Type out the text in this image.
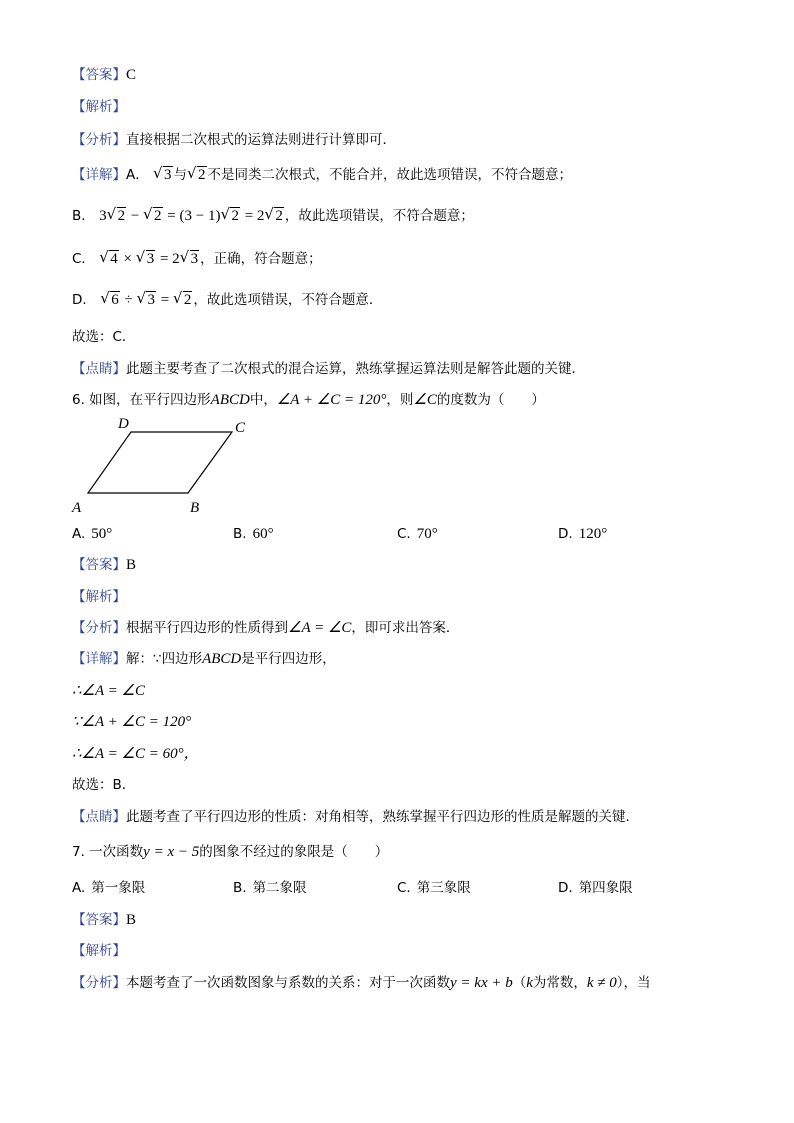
【答案】C
【解析】
【分析】直接根据二次根式的运算法则进行计算即可．
【详解】A． √ 3 与 √ 2 不是同类二次根式，不能合并，故此选项错误，不符合题意；
B． 3 √ 2 − √ 2 = (3 − 1) √ 2 = 2 √ 2 ，故此选项错误，不符合题意；
C． √ 4 × √ 3 = 2 √ 3 ，正确，符合题意；
D． √ 6 ÷ √ 3 = √ 2 ，故此选项错误，不符合题意．
故选：C．
【点睛】此题主要考查了二次根式的混合运算，熟练掌握运算法则是解答此题的关键．
6. 如图，在平行四边形ABCD中，∠A + ∠C = 120°，则∠C的度数为（　　）
A	B
C
D
A. 50°	B. 60°	C. 70°	D. 120°
【答案】B
【解析】
【分析】根据平行四边形的性质得到∠A = ∠C，即可求出答案．
【详解】解：∵四边形ABCD是平行四边形，
∴∠A = ∠C
∵∠A + ∠C = 120°
∴∠A = ∠C = 60°，
故选：B．
【点睛】此题考查了平行四边形的性质：对角相等，熟练掌握平行四边形的性质是解题的关键．
7. 一次函数y = x − 5的图象不经过的象限是（　　）
A. 第一象限	B. 第二象限	C. 第三象限	D. 第四象限
【答案】B
【解析】
【分析】本题考查了一次函数图象与系数的关系：对于一次函数y = kx + b（k为常数，k ≠ 0），当
